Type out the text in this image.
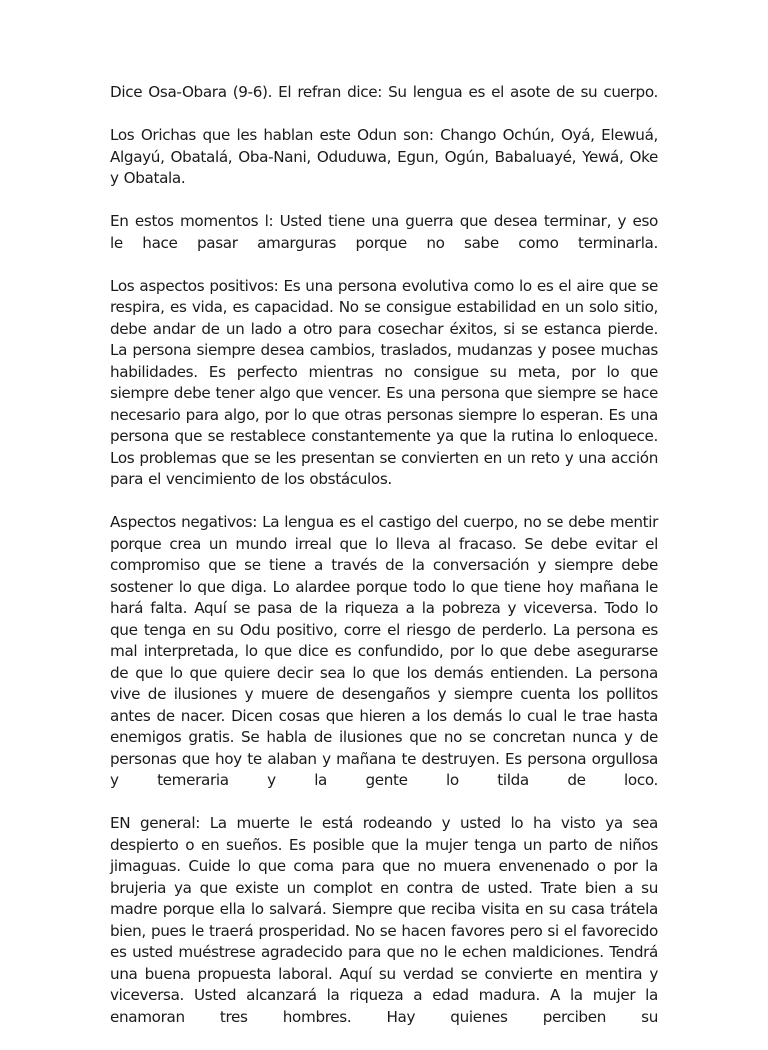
Dice Osa-Obara (9-6). El refran dice: Su lengua es el asote de su cuerpo.

Los Orichas que les hablan este Odun son: Chango Ochún, Oyá, Elewuá, Algayú, Obatalá, Oba-Nani, Oduduwa, Egun, Ogún, Babaluayé, Yewá, Oke y Obatala.

En estos momentos l: Usted tiene una guerra que desea terminar, y eso le hace pasar amarguras porque no sabe como terminarla.

Los aspectos positivos: Es una persona evolutiva como lo es el aire que se respira, es vida, es capacidad. No se consigue estabilidad en un solo sitio, debe andar de un lado a otro para cosechar éxitos, si se estanca pierde. La persona siempre desea cambios, traslados, mudanzas y posee muchas habilidades. Es perfecto mientras no consigue su meta, por lo que siempre debe tener algo que vencer. Es una persona que siempre se hace necesario para algo, por lo que otras personas siempre lo esperan. Es una persona que se restablece constantemente ya que la rutina lo enloquece. Los problemas que se les presentan se convierten en un reto y una acción para el vencimiento de los obstáculos.

Aspectos negativos: La lengua es el castigo del cuerpo, no se debe mentir porque crea un mundo irreal que lo lleva al fracaso. Se debe evitar el compromiso que se tiene a través de la conversación y siempre debe sostener lo que diga. Lo alardee porque todo lo que tiene hoy mañana le hará falta. Aquí se pasa de la riqueza a la pobreza y viceversa. Todo lo que tenga en su Odu positivo, corre el riesgo de perderlo. La persona es mal interpretada, lo que dice es confundido, por lo que debe asegurarse de que lo que quiere decir sea lo que los demás entienden. La persona vive de ilusiones y muere de desengaños y siempre cuenta los pollitos antes de nacer. Dicen cosas que hieren a los demás lo cual le trae hasta enemigos gratis. Se habla de ilusiones que no se concretan nunca y de personas que hoy te alaban y mañana te destruyen. Es persona orgullosa y temeraria y la gente lo tilda de loco.

EN general: La muerte le está rodeando y usted lo ha visto ya sea despierto o en sueños. Es posible que la mujer tenga un parto de niños jimaguas. Cuide lo que coma para que no muera envenenado o por la brujeria ya que existe un complot en contra de usted. Trate bien a su madre porque ella lo salvará. Siempre que reciba visita en su casa trátela bien, pues le traerá prosperidad. No se hacen favores pero si el favorecido es usted muéstrese agradecido para que no le echen maldiciones. Tendrá una buena propuesta laboral. Aquí su verdad se convierte en mentira y viceversa. Usted alcanzará la riqueza a edad madura. A la mujer la enamoran tres hombres. Hay quienes perciben su
